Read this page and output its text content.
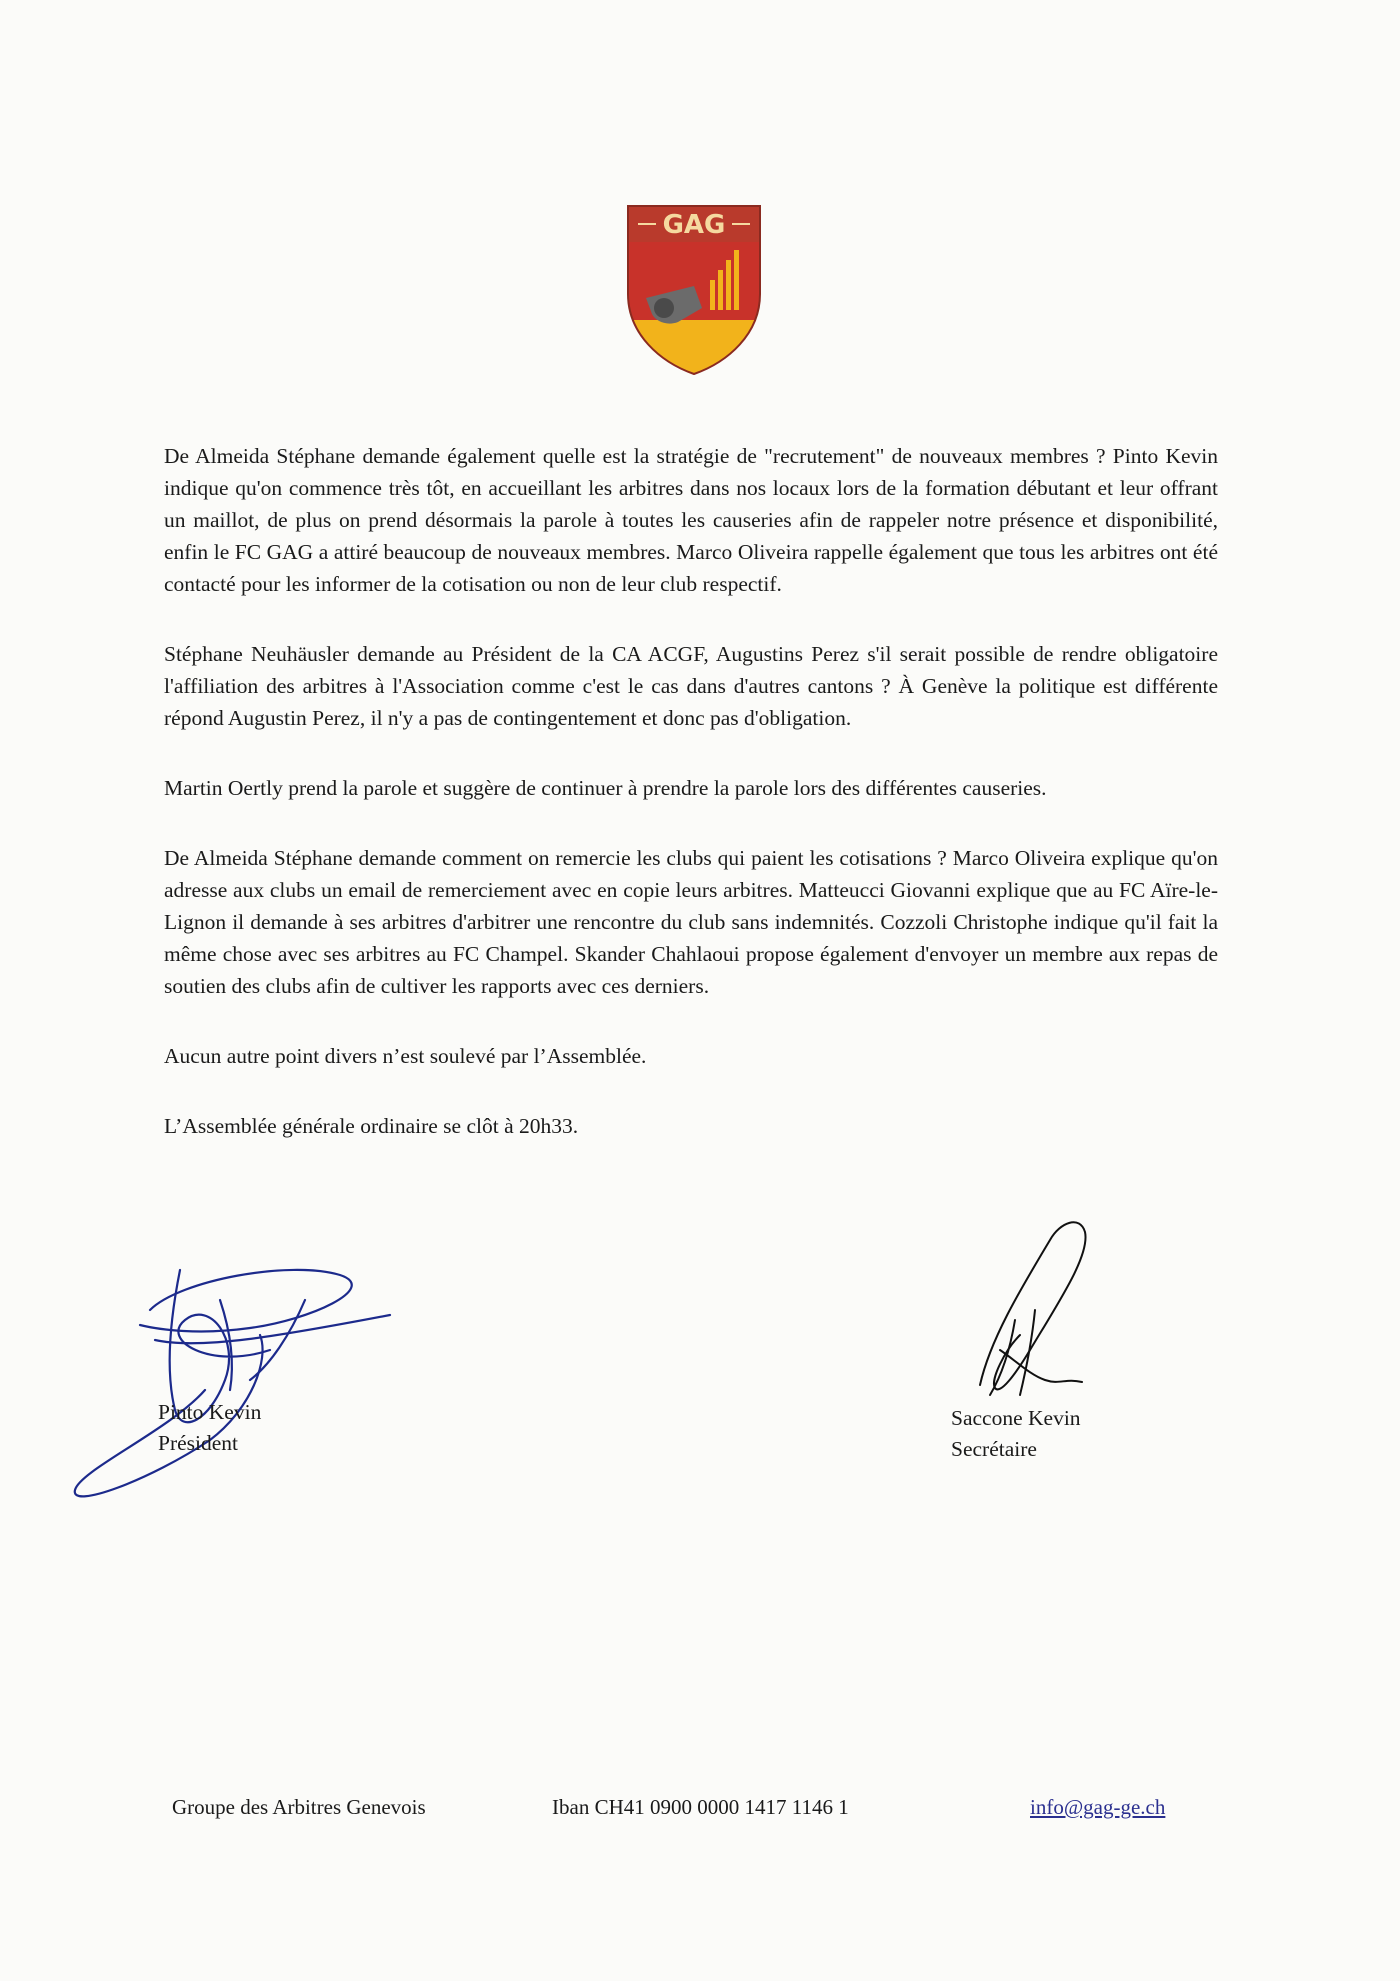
GAG

De Almeida Stéphane demande également quelle est la stratégie de "recrutement" de nouveaux membres ? Pinto Kevin indique qu'on commence très tôt, en accueillant les arbitres dans nos locaux lors de la formation débutant et leur offrant un maillot, de plus on prend désormais la parole à toutes les causeries afin de rappeler notre présence et disponibilité, enfin le FC GAG a attiré beaucoup de nouveaux membres. Marco Oliveira rappelle également que tous les arbitres ont été contacté pour les informer de la cotisation ou non de leur club respectif.

Stéphane Neuhäusler demande au Président de la CA ACGF, Augustins Perez s'il serait possible de rendre obligatoire l'affiliation des arbitres à l'Association comme c'est le cas dans d'autres cantons ? À Genève la politique est différente répond Augustin Perez, il n'y a pas de contingentement et donc pas d'obligation.

Martin Oertly prend la parole et suggère de continuer à prendre la parole lors des différentes causeries.

De Almeida Stéphane demande comment on remercie les clubs qui paient les cotisations ? Marco Oliveira explique qu'on adresse aux clubs un email de remerciement avec en copie leurs arbitres. Matteucci Giovanni explique que au FC Aïre-le-Lignon il demande à ses arbitres d'arbitrer une rencontre du club sans indemnités. Cozzoli Christophe indique qu'il fait la même chose avec ses arbitres au FC Champel. Skander Chahlaoui propose également d'envoyer un membre aux repas de soutien des clubs afin de cultiver les rapports avec ces derniers.

Aucun autre point divers n’est soulevé par l’Assemblée.

L’Assemblée générale ordinaire se clôt à 20h33.

Pinto Kevin
Président
Saccone Kevin
Secrétaire
Groupe des Arbitres Genevois	Iban CH41 0900 0000 1417 1146 1	info@gag-ge.ch
